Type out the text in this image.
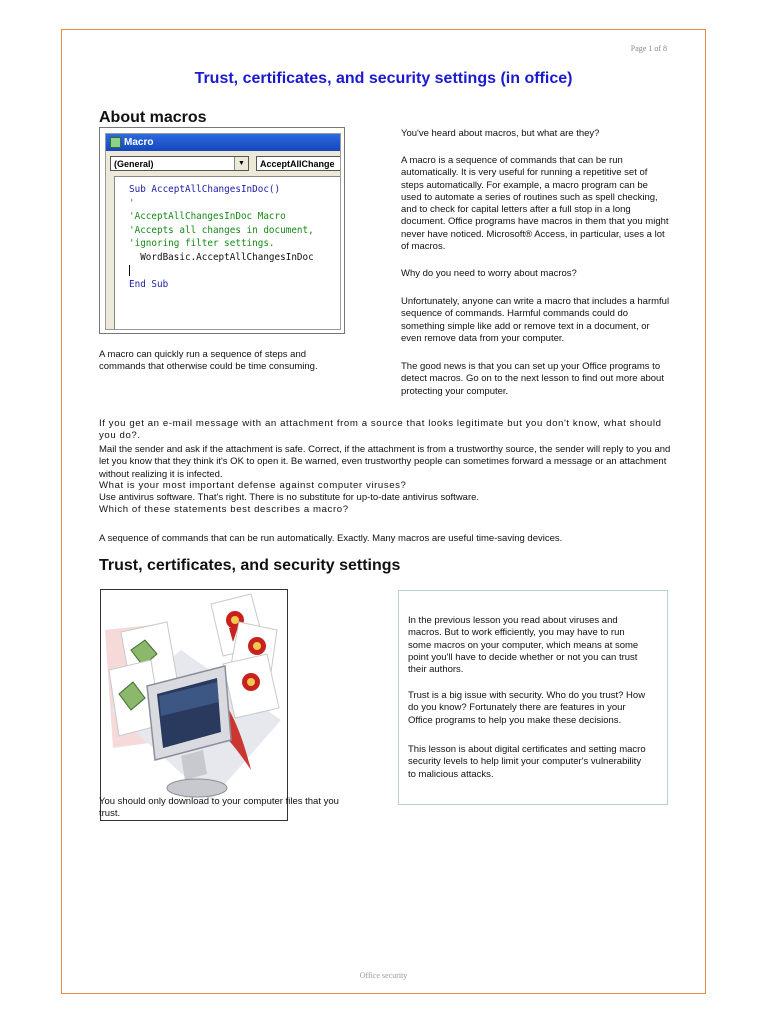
Page 1 of 8
Trust, certificates, and security settings (in office)
About macros
Macro
(General)	▼	AcceptAllChange
Sub AcceptAllChangesInDoc()
'
'AcceptAllChangesInDoc Macro
'Accepts all changes in document,
'ignoring filter settings.
WordBasic.AcceptAllChangesInDoc
End Sub

A macro can quickly run a sequence of steps and commands that otherwise could be time consuming.

You've heard about macros, but what are they?

A macro is a sequence of commands that can be run automatically. It is very useful for running a repetitive set of steps automatically. For example, a macro program can be used to automate a series of routines such as spell checking, and to check for capital letters after a full stop in a long document. Office programs have macros in them that you might never have noticed. Microsoft® Access, in particular, uses a lot of macros.

Why do you need to worry about macros?

Unfortunately, anyone can write a macro that includes a harmful sequence of commands. Harmful commands could do something simple like add or remove text in a document, or even remove data from your computer.

The good news is that you can set up your Office programs to detect macros. Go on to the next lesson to find out more about protecting your computer.

If you get an e-mail message with an attachment from a source that looks legitimate but you don't know, what should you do?.

Mail the sender and ask if the attachment is safe. Correct, if the attachment is from a trustworthy source, the sender will reply to you and let you know that they think it's OK to open it. Be warned, even trustworthy people can sometimes forward a message or an attachment without realizing it is infected.

What is your most important defense against computer viruses?

Use antivirus software. That's right. There is no substitute for up-to-date antivirus software.

Which of these statements best describes a macro?

A sequence of commands that can be run automatically. Exactly. Many macros are useful time-saving devices.

Trust, certificates, and security settings

You should only download to your computer files that you trust.

In the previous lesson you read about viruses and macros. But to work efficiently, you may have to run some macros on your computer, which means at some point you'll have to decide whether or not you can trust their authors.

Trust is a big issue with security. Who do you trust? How do you know? Fortunately there are features in your Office programs to help you make these decisions.

This lesson is about digital certificates and setting macro security levels to help limit your computer's vulnerability to malicious attacks.

Office security
